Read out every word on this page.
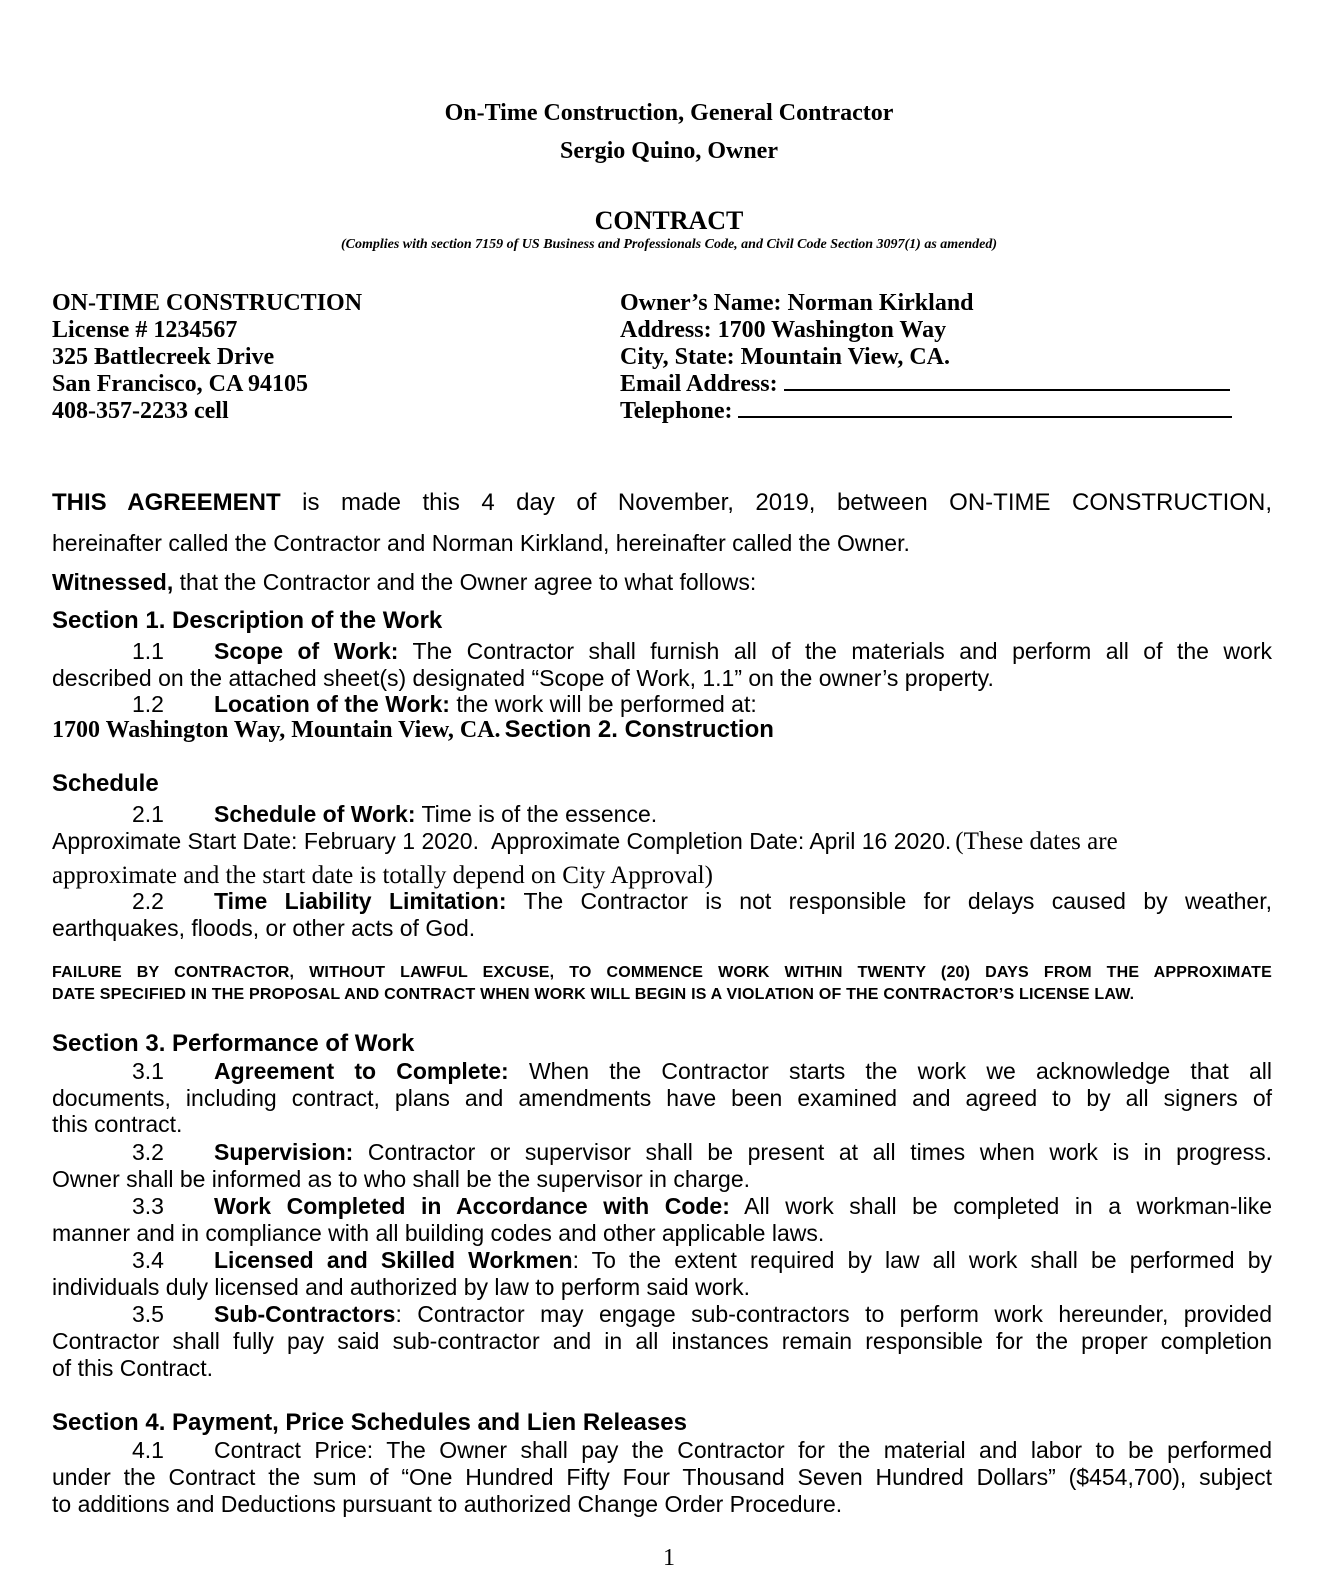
On-Time Construction, General Contractor
Sergio Quino, Owner
CONTRACT
(Complies with section 7159 of US Business and Professionals Code, and Civil Code Section 3097(1) as amended)
ON-TIME CONSTRUCTION
License # 1234567
325 Battlecreek Drive
San Francisco, CA 94105
408-357-2233 cell
Owner’s Name: Norman Kirkland
Address: 1700 Washington Way
City, State: Mountain View, CA.
Email Address:
Telephone:
THIS AGREEMENT is made this 4 day of November, 2019, between ON-TIME CONSTRUCTION,
hereinafter called the Contractor and Norman Kirkland, hereinafter called the Owner.
Witnessed, that the Contractor and the Owner agree to what follows:
Section 1. Description of the Work
1.1 Scope of Work: The Contractor shall furnish all of the materials and perform all of the work
described on the attached sheet(s) designated “Scope of Work, 1.1” on the owner’s property.
1.2 Location of the Work: the work will be performed at:
1700 Washington Way, Mountain View, CA. Section 2. Construction
Schedule
2.1 Schedule of Work: Time is of the essence.
Approximate Start Date: February 1 2020. Approximate Completion Date: April 16 2020. (These dates are
approximate and the start date is totally depend on City Approval)
2.2 Time Liability Limitation: The Contractor is not responsible for delays caused by weather,
earthquakes, floods, or other acts of God.
FAILURE BY CONTRACTOR, WITHOUT LAWFUL EXCUSE, TO COMMENCE WORK WITHIN TWENTY (20) DAYS FROM THE APPROXIMATE
DATE SPECIFIED IN THE PROPOSAL AND CONTRACT WHEN WORK WILL BEGIN IS A VIOLATION OF THE CONTRACTOR’S LICENSE LAW.
Section 3. Performance of Work
3.1 Agreement to Complete: When the Contractor starts the work we acknowledge that all
documents, including contract, plans and amendments have been examined and agreed to by all signers of
this contract.
3.2 Supervision: Contractor or supervisor shall be present at all times when work is in progress.
Owner shall be informed as to who shall be the supervisor in charge.
3.3 Work Completed in Accordance with Code: All work shall be completed in a workman-like
manner and in compliance with all building codes and other applicable laws.
3.4 Licensed and Skilled Workmen: To the extent required by law all work shall be performed by
individuals duly licensed and authorized by law to perform said work.
3.5 Sub-Contractors: Contractor may engage sub-contractors to perform work hereunder, provided
Contractor shall fully pay said sub-contractor and in all instances remain responsible for the proper completion
of this Contract.
Section 4. Payment, Price Schedules and Lien Releases
4.1 Contract Price: The Owner shall pay the Contractor for the material and labor to be performed
under the Contract the sum of “One Hundred Fifty Four Thousand Seven Hundred Dollars” ($454,700), subject
to additions and Deductions pursuant to authorized Change Order Procedure.
1
